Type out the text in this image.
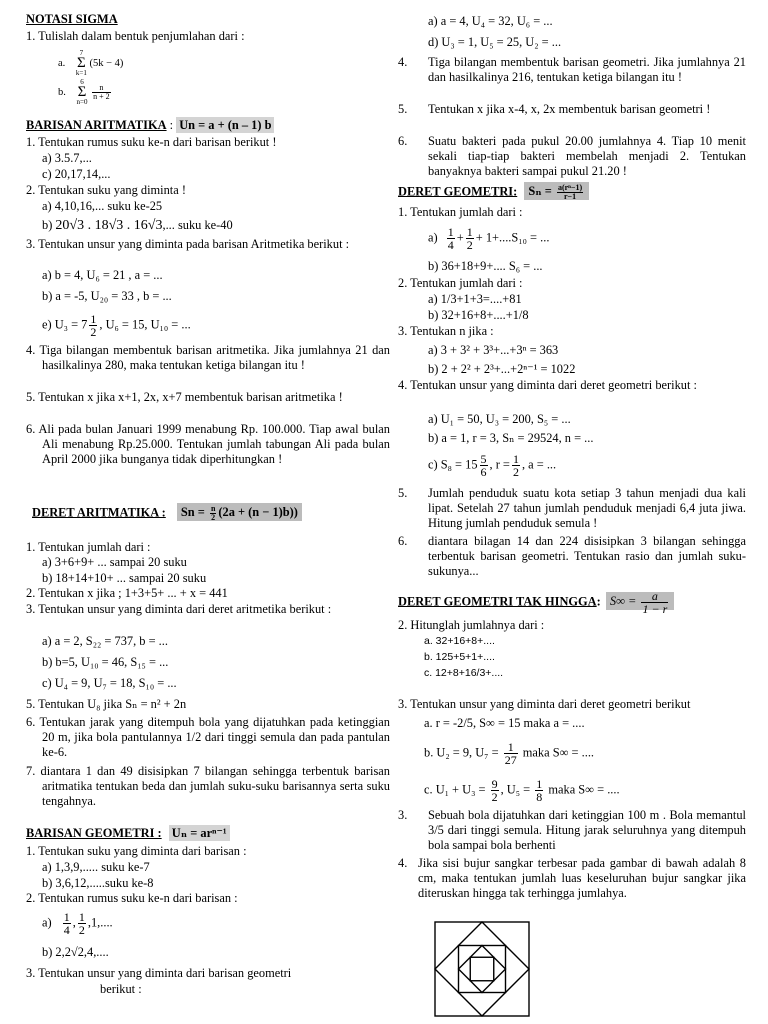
NOTASI SIGMA
1. Tulislah dalam bentuk penjumlahan dari :
a. 7
Σ
k=1 (5k − 4)
b. 6
Σ
n=0
$\frac{n}{n + 2}$
BARISAN ARITMATIKA : Un = a + (n – 1) b
1. Tentukan rumus suku ke-n dari barisan berikut !
a) 3.5.7,...
c) 20,17,14,...
2. Tentukan suku yang diminta !
a) 4,10,16,... suku ke-25
b) 20√3 . 18√3 . 16√3,... suku ke-40
3. Tentukan unsur yang diminta pada barisan Aritmetika berikut :
a) b = 4, U₆ = 21 , a = ...
b) a = -5, U₂₀ = 33 , b = ...
e) $U_3 = 7 \frac{1}{2}$ , U₆ = 15, U₁₀ = ...
4. Tiga bilangan membentuk barisan aritmetika. Jika jumlahnya 21 dan hasilkalinya 280, maka tentukan ketiga bilangan itu !
5. Tentukan x jika x+1, 2x, x+7 membentuk barisan aritmetika !
6. Ali pada bulan Januari 1999 menabung Rp. 100.000. Tiap awal bulan Ali menabung Rp.25.000. Tentukan jumlah tabungan Ali pada bulan April 2000 jika bunganya tidak diperhitungkan !
DERET ARITMATIKA : $Sn = \frac{n}{2} (2a + (n - 1)b)$)
1. Tentukan jumlah dari :
a) 3+6+9+ ... sampai 20 suku
b) 18+14+10+ ... sampai 20 suku
2. Tentukan x jika ; 1+3+5+ ... + x = 441
3. Tentukan unsur yang diminta dari deret aritmetika berikut :
a) a = 2, S₂₂ = 737, b = ...
b) b=5, U₁₀ = 46, S₁₅ = ...
c) U₄ = 9, U₇ = 18, S₁₀ = ...
5. Tentukan U₈ jika Sₙ = n² + 2n
6. Tentukan jarak yang ditempuh bola yang dijatuhkan pada ketinggian 20 m, jika bola pantulannya 1/2 dari tinggi semula dan pada pantulan ke-6.
7. diantara 1 dan 49 disisipkan 7 bilangan sehingga terbentuk barisan aritmatika tentukan beda dan jumlah suku-suku barisannya serta suku tengahnya.
BARISAN GEOMETRI : Uₙ = arⁿ⁻¹
1. Tentukan suku yang diminta dari barisan :
a) 1,3,9,..... suku ke-7
b) 3,6,12,.....suku ke-8
2. Tentukan rumus suku ke-n dari barisan :
$a) \frac{1}{4}$ , $\frac{1}{2} ,1$,....
b) 2,2√2,4,....
3. Tentukan unsur yang diminta dari barisan geometri
berikut :
a) a = 4, U₄ = 32, U₆ = ...
d) U₃ = 1, U₅ = 25, U₂ = ...
4. Tiga bilangan membentuk barisan geometri. Jika jumlahnya 21 dan hasilkalinya 216, tentukan ketiga bilangan itu !
5. Tentukan x jika x-4, x, 2x membentuk barisan geometri !
6. Suatu bakteri pada pukul 20.00 jumlahnya 4. Tiap 10 menit sekali tiap-tiap bakteri membelah menjadi 2. Tentukan banyaknya bakteri sampai pukul 21.20 !
DERET GEOMETRI: $S_n = \frac{\text{a(rⁿ−1)}}{r-1}$
1. Tentukan jumlah dari :
$a) \frac{1}{4} + \frac{1}{2} + 1+....S_{10}$ = ...
b) 36+18+9+.... S₆ = ...
2. Tentukan jumlah dari :
a) 1/3+1+3=....+81
b) 32+16+8+....+1/8
3. Tentukan n jika :
a) 3 + 3² + 3³+...+3ⁿ = 363
b) 2 + 2² + 2³+...+2ⁿ⁻¹ = 1022
4. Tentukan unsur yang diminta dari deret geometri berikut :
a) U₁ = 50, U₃ = 200, S₅ = ...
b) a = 1, r = 3, Sₙ = 29524, n = ...
c) $S_8 = 15 \frac{5}{6}$ , $r = \frac{1}{2}$ , a = ...
5. Jumlah penduduk suatu kota setiap 3 tahun menjadi dua kali lipat. Setelah 27 tahun jumlah penduduk menjadi 6,4 juta jiwa. Hitung jumlah penduduk semula !
6. diantara bilagan 14 dan 224 disisipkan 3 bilangan sehingga terbentuk barisan geometri. Tentukan rasio dan jumlah suku-sukunya...
DERET GEOMETRI TAK HINGGA: $S\infty = \frac{a}{1 - r}$
2. Hitunglah jumlahnya dari :
a. 32+16+8+....
b. 125+5+1+....
c. 12+8+16/3+....
3. Tentukan unsur yang diminta dari deret geometri berikut
a. r = -2/5, S∞ = 15 maka a = ....
b. U₂ = 9, $U_7 = \frac{1}{27}$ maka S∞ = ....
c. $U_1 + U_3 = \frac{9}{2}$ , $U_5 = \frac{1}{8}$ maka S∞ = ....
3. Sebuah bola dijatuhkan dari ketinggian 100 m . Bola memantul 3/5 dari tinggi semula. Hitung jarak seluruhnya yang ditempuh bola sampai bola berhenti
4. Jika sisi bujur sangkar terbesar pada gambar di bawah adalah 8 cm, maka tentukan jumlah luas keseluruhan bujur sangkar jika diteruskan hingga tak terhingga jumlahya.
